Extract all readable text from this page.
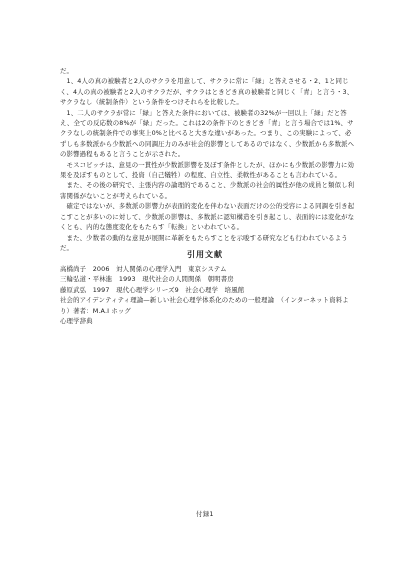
だ。

　1、4人の真の被験者と2人のサクラを用意して、サクラに常に「緑」と答えさせる・2、1と同じく、4人の真の被験者と2人のサクラだが、サクラはときどき真の被験者と同じく「青」と言う・3、サクラなし（統制条件）という条件をつけそれらを比較した。

　1、二人のサクラが常に「緑」と答えた条件においては、被験者の32%が一回以上「緑」だと答え、全ての反応数の8%が「緑」だった。これは2の条件下のときどき「青」と言う場合では1%、サクラなしの統制条件での事実上0%と比べると大きな違いがあった。つまり、この実験によって、必ずしも多数派から少数派への同調圧力のみが社会的影響としてあるのではなく、少数派から多数派への影響過程もあると言うことが示された。

　モスコビッチは、意見の一貫性が少数派影響を及ぼす条件としたが、ほかにも少数派の影響力に効果を及ぼすものとして、投資（自己犠牲）の程度、自立性、柔軟性があることも言われている。

　また、その後の研究で、主張内容の論理的であること、少数派の社会的属性が他の成員と類似し利害関係がないことが考えられている。

　確定ではないが、多数派の影響力が表面的変化を伴わない表面だけの公的受容による同調を引き起こすことが多いのに対して、少数派の影響は、多数派に認知構造を引き起こし、表面的には変化がなくとも、内的な態度変化をもたらす「転換」といわれている。

　また、少数者の動的な意見が展開に革新をもたらすことを示唆する研究なども行われているようだ。

引用文献
高橋尚子　2006　対人関係の心理学入門　東京システム
三輪弘道・平林進　1993　現代社会の人間関係　朝明書房
藤原武弘　1997　現代心理学シリーズ9　社会心理学　培風館
社会的アイデンティティ理論—新しい社会心理学体系化のための一般理論　（インターネット資料より）著者：M.A.I ホッグ
心理学辞典
付録1
